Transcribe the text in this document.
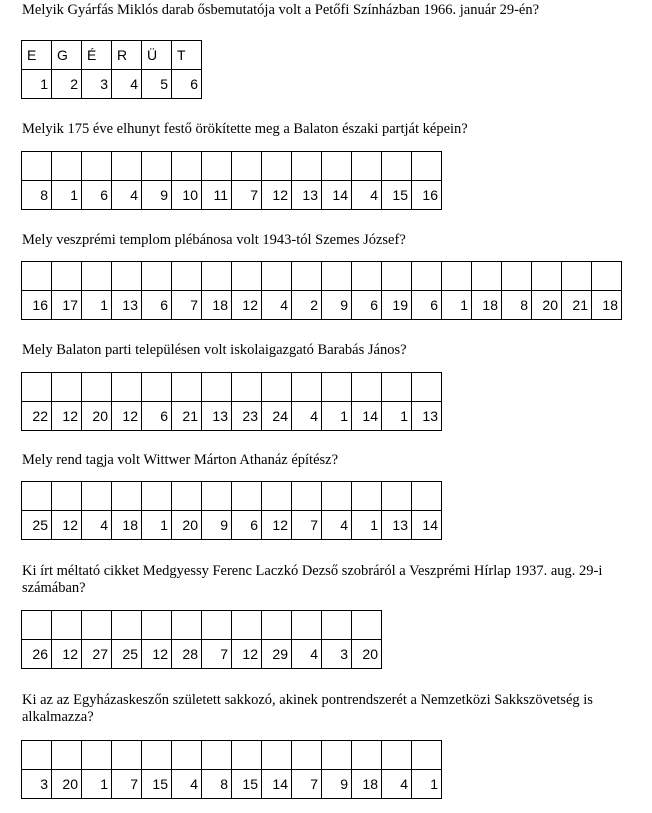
Melyik Gyárfás Miklós darab ősbemutatója volt a Petőfi Színházban 1966. január 29-én?

E	G	É	R	Ü	T
1	2	3	4	5	6

Melyik 175 éve elhunyt festő örökítette meg a Balaton északi partját képein?

8	1	6	4	9	10	11	7	12	13	14	4	15	16

Mely veszprémi templom plébánosa volt 1943-tól Szemes József?

16	17	1	13	6	7	18	12	4	2	9	6	19	6	1	18	8	20	21	18

Mely Balaton parti településen volt iskolaigazgató Barabás János?

22	12	20	12	6	21	13	23	24	4	1	14	1	13

Mely rend tagja volt Wittwer Márton Athanáz építész?

25	12	4	18	1	20	9	6	12	7	4	1	13	14

Ki írt méltató cikket Medgyessy Ferenc Laczkó Dezső szobráról a Veszprémi Hírlap 1937. aug. 29-i számában?

26	12	27	25	12	28	7	12	29	4	3	20

Ki az az Egyházaskeszőn született sakkozó, akinek pontrendszerét a Nemzetközi Sakkszövetség is alkalmazza?

3	20	1	7	15	4	8	15	14	7	9	18	4	1
